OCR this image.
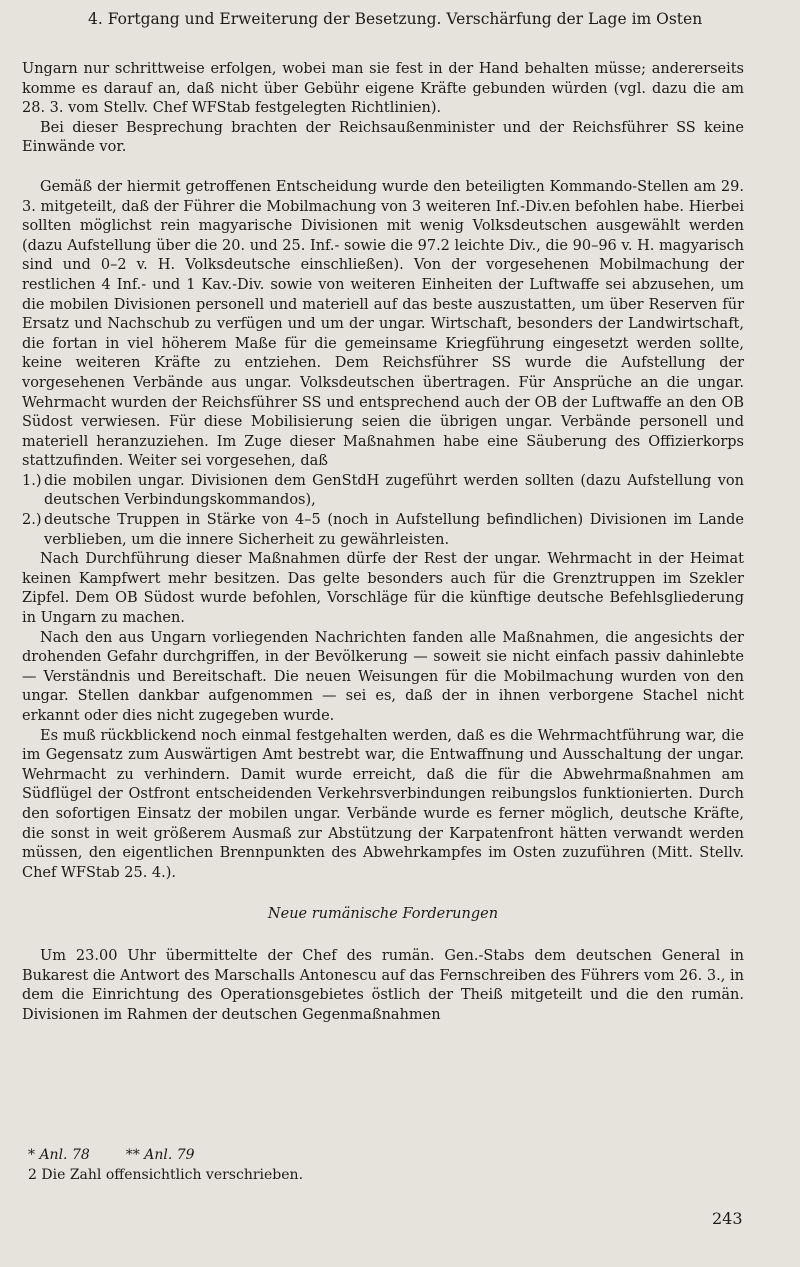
4. Fortgang und Erweiterung der Besetzung. Verschärfung der Lage im Osten

Ungarn nur schrittweise erfolgen, wobei man sie fest in der Hand behalten müsse; andererseits komme es darauf an, daß nicht über Gebühr eigene Kräfte gebunden würden (vgl. dazu die am 28. 3. vom Stellv. Chef WFStab festgelegten Richtlinien).

Bei dieser Besprechung brachten der Reichsaußenminister und der Reichsführer SS keine Einwände vor.

Gemäß der hiermit getroffenen Entscheidung wurde den beteiligten Kommando-Stellen am 29. 3. mitgeteilt, daß der Führer die Mobilmachung von 3 weiteren Inf.-Div.en befohlen habe. Hierbei sollten möglichst rein magyarische Divisionen mit wenig Volksdeutschen ausgewählt werden (dazu Aufstellung über die 20. und 25. Inf.- sowie die 97.2 leichte Div., die 90–96 v. H. magyarisch sind und 0–2 v. H. Volksdeutsche einschließen). Von der vorgesehenen Mobilmachung der restlichen 4 Inf.- und 1 Kav.-Div. sowie von weiteren Einheiten der Luftwaffe sei abzusehen, um die mobilen Divisionen personell und materiell auf das beste auszustatten, um über Reserven für Ersatz und Nachschub zu verfügen und um der ungar. Wirtschaft, besonders der Landwirtschaft, die fortan in viel höherem Maße für die gemeinsame Kriegführung eingesetzt werden sollte, keine weiteren Kräfte zu entziehen. Dem Reichsführer SS wurde die Aufstellung der vorgesehenen Verbände aus ungar. Volksdeutschen übertragen. Für Ansprüche an die ungar. Wehrmacht wurden der Reichsführer SS und entsprechend auch der OB der Luftwaffe an den OB Südost verwiesen. Für diese Mobilisierung seien die übrigen ungar. Verbände personell und materiell heranzuziehen. Im Zuge dieser Maßnahmen habe eine Säuberung des Offizierkorps stattzufinden. Weiter sei vorgesehen, daß

1.) die mobilen ungar. Divisionen dem GenStdH zugeführt werden sollten (dazu Aufstellung von deutschen Verbindungskommandos),
2.) deutsche Truppen in Stärke von 4–5 (noch in Aufstellung befindlichen) Divisionen im Lande verblieben, um die innere Sicherheit zu gewährleisten.

Nach Durchführung dieser Maßnahmen dürfe der Rest der ungar. Wehrmacht in der Heimat keinen Kampfwert mehr besitzen. Das gelte besonders auch für die Grenztruppen im Szekler Zipfel. Dem OB Südost wurde befohlen, Vorschläge für die künftige deutsche Befehlsgliederung in Ungarn zu machen.

Nach den aus Ungarn vorliegenden Nachrichten fanden alle Maßnahmen, die angesichts der drohenden Gefahr durchgriffen, in der Bevölkerung — soweit sie nicht einfach passiv dahinlebte — Verständnis und Bereitschaft. Die neuen Weisungen für die Mobilmachung wurden von den ungar. Stellen dankbar aufgenommen — sei es, daß der in ihnen verborgene Stachel nicht erkannt oder dies nicht zugegeben wurde.

Es muß rückblickend noch einmal festgehalten werden, daß es die Wehrmachtführung war, die im Gegensatz zum Auswärtigen Amt bestrebt war, die Entwaffnung und Ausschaltung der ungar. Wehrmacht zu verhindern. Damit wurde erreicht, daß die für die Abwehrmaßnahmen am Südflügel der Ostfront entscheidenden Verkehrsverbindungen reibungslos funktionierten. Durch den sofortigen Einsatz der mobilen ungar. Verbände wurde es ferner möglich, deutsche Kräfte, die sonst in weit größerem Ausmaß zur Abstützung der Karpatenfront hätten verwandt werden müssen, den eigentlichen Brennpunkten des Abwehrkampfes im Osten zuzuführen (Mitt. Stellv. Chef WFStab 25. 4.).

Neue rumänische Forderungen

Um 23.00 Uhr übermittelte der Chef des rumän. Gen.-Stabs dem deutschen General in Bukarest die Antwort des Marschalls Antonescu auf das Fernschreiben des Führers vom 26. 3., in dem die Einrichtung des Operationsgebietes östlich der Theiß mitgeteilt und die den rumän. Divisionen im Rahmen der deutschen Gegenmaßnahmen

* Anl. 78	** Anl. 79
2 Die Zahl offensichtlich verschrieben.
243
